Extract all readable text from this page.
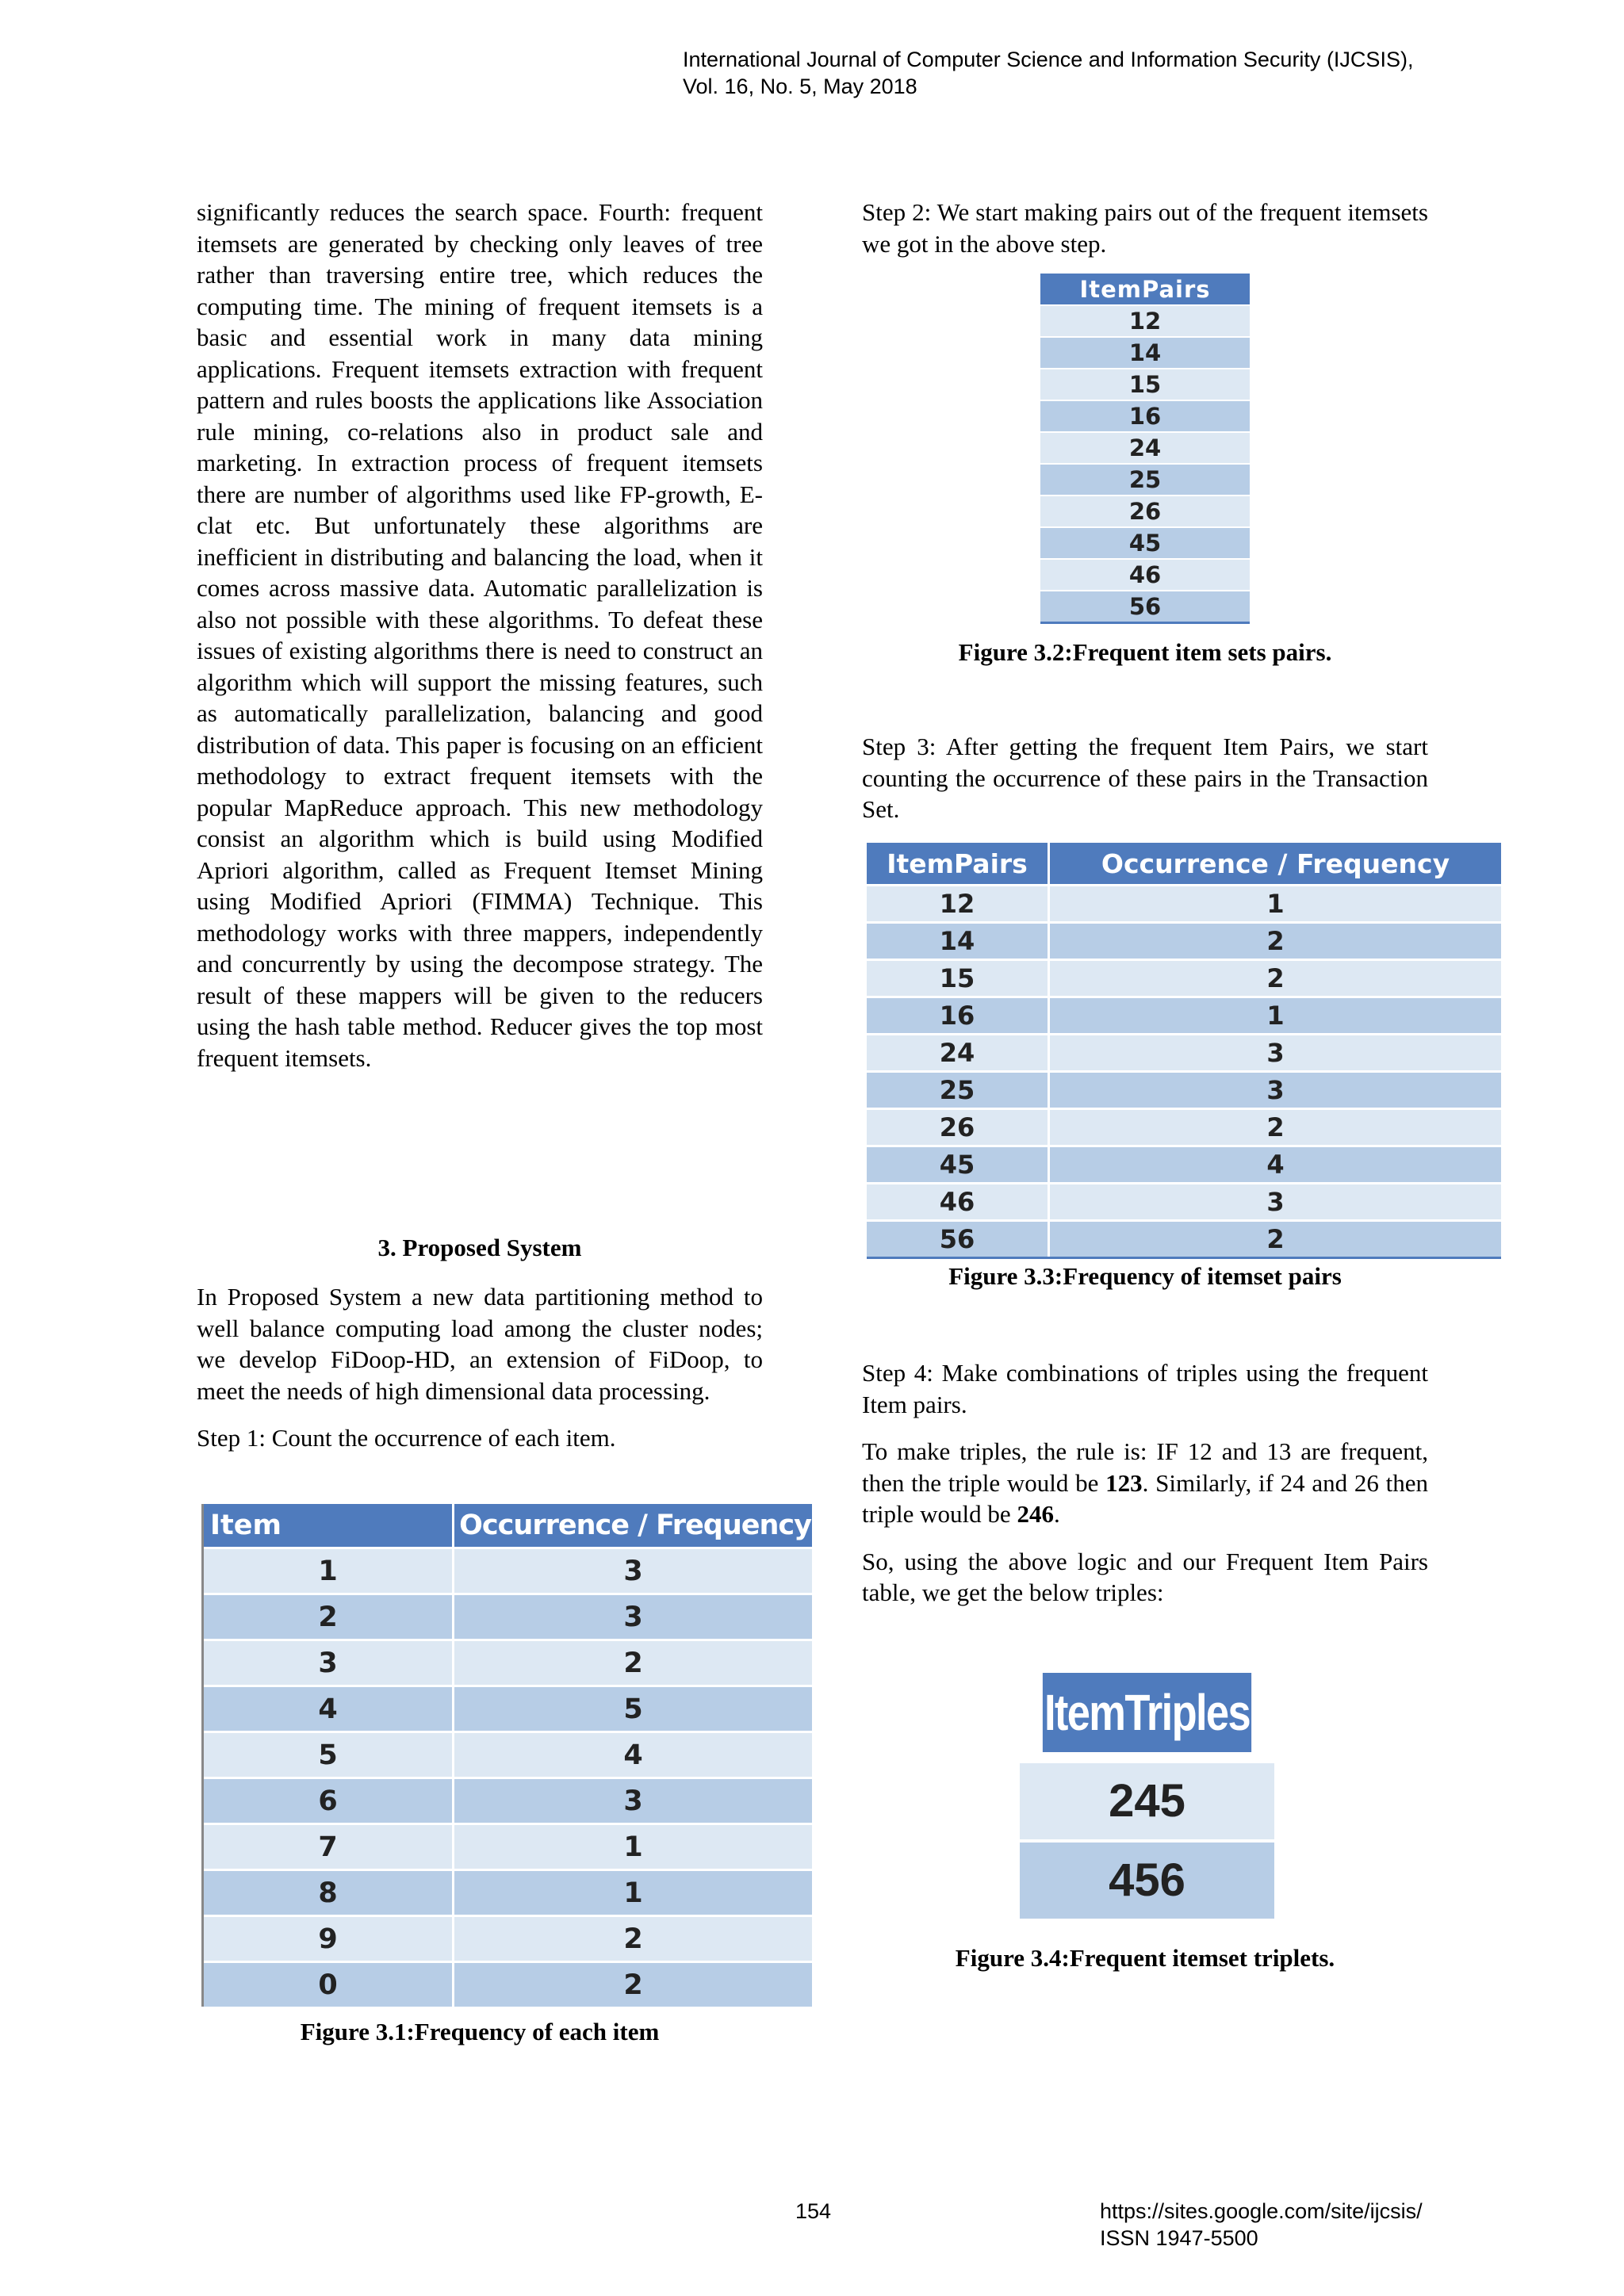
International Journal of Computer Science and Information Security (IJCSIS),
Vol. 16, No. 5, May 2018

significantly reduces the search space. Fourth: frequent itemsets are generated by checking only leaves of tree rather than traversing entire tree, which reduces the computing time. The mining of frequent itemsets is a basic and essential work in many data mining applications. Frequent itemsets extraction with frequent pattern and rules boosts the applications like Association rule mining, co-relations also in product sale and marketing. In extraction process of frequent itemsets there are number of algorithms used like FP-growth, E-clat etc. But unfortunately these algorithms are inefficient in distributing and balancing the load, when it comes across massive data. Automatic parallelization is also not possible with these algorithms. To defeat these issues of existing algorithms there is need to construct an algorithm which will support the missing features, such as automatically parallelization, balancing and good distribution of data. This paper is focusing on an efficient methodology to extract frequent itemsets with the popular MapReduce approach. This new methodology consist an algorithm which is build using Modified Apriori algorithm, called as Frequent Itemset Mining using Modified Apriori (FIMMA) Technique. This methodology works with three mappers, independently and concurrently by using the decompose strategy. The result of these mappers will be given to the reducers using the hash table method. Reducer gives the top most frequent itemsets.

3. Proposed System

In Proposed System a new data partitioning method to well balance computing load among the cluster nodes; we develop FiDoop-HD, an extension of FiDoop, to meet the needs of high dimensional data processing.

Step 1: Count the occurrence of each item.

Item	Occurrence / Frequency
1	3
2	3
3	2
4	5
5	4
6	3
7	1
8	1
9	2
0	2
Figure 3.1:Frequency of each item

Step 2: We start making pairs out of the frequent itemsets we got in the above step.

ItemPairs
12
14
15
16
24
25
26
45
46
56
Figure 3.2:Frequent item sets pairs.

Step 3: After getting the frequent Item Pairs, we start counting the occurrence of these pairs in the Transaction Set.

ItemPairs	Occurrence / Frequency
12	1
14	2
15	2
16	1
24	3
25	3
26	2
45	4
46	3
56	2
Figure 3.3:Frequency of itemset pairs

Step 4: Make combinations of triples using the frequent Item pairs.

To make triples, the rule is: IF 12 and 13 are frequent, then the triple would be 123. Similarly, if 24 and 26 then triple would be 246.

So, using the above logic and our Frequent Item Pairs table, we get the below triples:

ItemTriples
245
456
Figure 3.4:Frequent itemset triplets.
154	https://sites.google.com/site/ijcsis/
ISSN 1947-5500
